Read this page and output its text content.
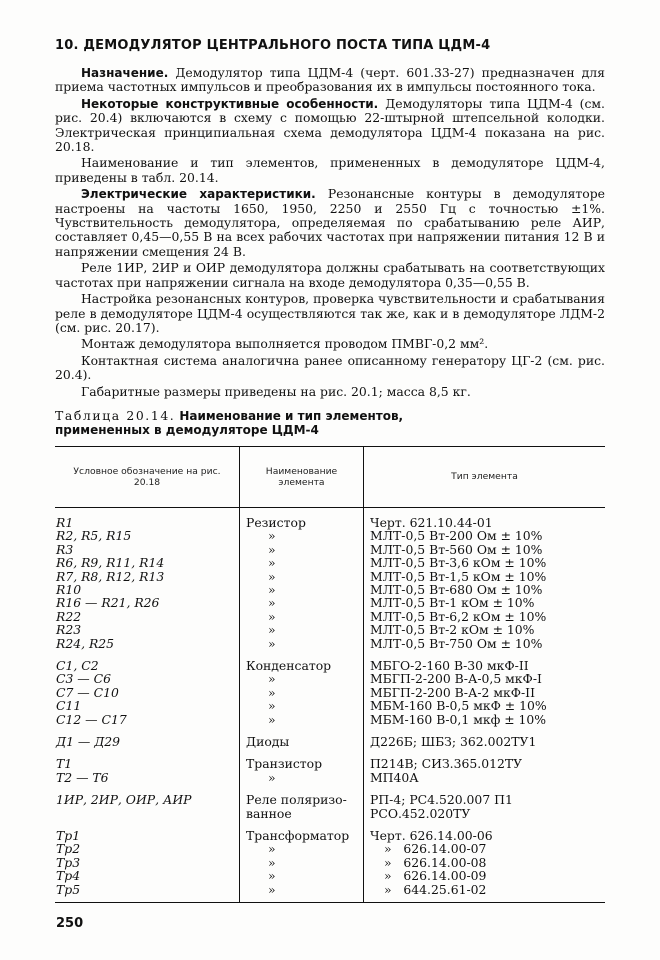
10. ДЕМОДУЛЯТОР ЦЕНТРАЛЬНОГО ПОСТА ТИПА ЦДМ-4

Назначение. Демодулятор типа ЦДМ-4 (черт. 601.33-27) предназначен для приема частотных импульсов и преобразования их в импульсы постоянного тока.

Некоторые конструктивные особенности. Демодуляторы типа ЦДМ-4 (см. рис. 20.4) включаются в схему с помощью 22-штырной штепсельной колодки. Электрическая принципиальная схема демодулятора ЦДМ-4 показана на рис. 20.18.

Наименование и тип элементов, примененных в демодуляторе ЦДМ-4, приведены в табл. 20.14.

Электрические характеристики. Резонансные контуры в демодуляторе настроены на частоты 1650, 1950, 2250 и 2550 Гц с точностью ±1%. Чувствительность демодулятора, определяемая по срабатыванию реле АИР, составляет 0,45—0,55 В на всех рабочих частотах при напряжении питания 12 В и напряжении смещения 24 В.

Реле 1ИР, 2ИР и ОИР демодулятора должны срабатывать на соответствующих частотах при напряжении сигнала на входе демодулятора 0,35—0,55 В.

Настройка резонансных контуров, проверка чувствительности и срабатывания реле в демодуляторе ЦДМ-4 осуществляются так же, как и в демодуляторе ЛДМ-2 (см. рис. 20.17).

Монтаж демодулятора выполняется проводом ПМВГ-0,2 мм².

Контактная система аналогична ранее описанному генератору ЦГ-2 (см. рис. 20.4).

Габаритные размеры приведены на рис. 20.1; масса 8,5 кг.

Таблица 20.14. Наименование и тип элементов,
примененных в демодуляторе ЦДМ-4
Условное обозначение на рис. 20.18	Наименование элемента	Тип элемента
R1	Резистор	Черт. 621.10.44-01
R2, R5, R15	»	МЛТ-0,5 Вт-200 Ом ± 10%
R3	»	МЛТ-0,5 Вт-560 Ом ± 10%
R6, R9, R11, R14	»	МЛТ-0,5 Вт-3,6 кОм ± 10%
R7, R8, R12, R13	»	МЛТ-0,5 Вт-1,5 кОм ± 10%
R10	»	МЛТ-0,5 Вт-680 Ом ± 10%
R16 — R21, R26	»	МЛТ-0,5 Вт-1 кОм ± 10%
R22	»	МЛТ-0,5 Вт-6,2 кОм ± 10%
R23	»	МЛТ-0,5 Вт-2 кОм ± 10%
R24, R25	»	МЛТ-0,5 Вт-750 Ом ± 10%
C1, C2	Конденсатор	МБГО-2-160 В-30 мкФ-II
C3 — C6	»	МБГП-2-200 В-А-0,5 мкФ-I
C7 — C10	»	МБГП-2-200 В-А-2 мкФ-II
C11	»	МБМ-160 В-0,5 мкФ ± 10%
C12 — C17	»	МБМ-160 В-0,1 мкф ± 10%
Д1 — Д29	Диоды	Д226Б; ШБЗ; 362.002ТУ1
T1	Транзистор	П214В; СИЗ.365.012ТУ
T2 — T6	»	МП40А
1ИР, 2ИР, ОИР, АИР	Реле поляризо- ванное	РП-4; РС4.520.007 П1 РСО.452.020ТУ
Tp1	Трансформатор	Черт. 626.14.00-06
Tp2	»	»   626.14.00-07
Tp3	»	»   626.14.00-08
Tp4	»	»   626.14.00-09
Tp5	»	»   644.25.61-02
250
